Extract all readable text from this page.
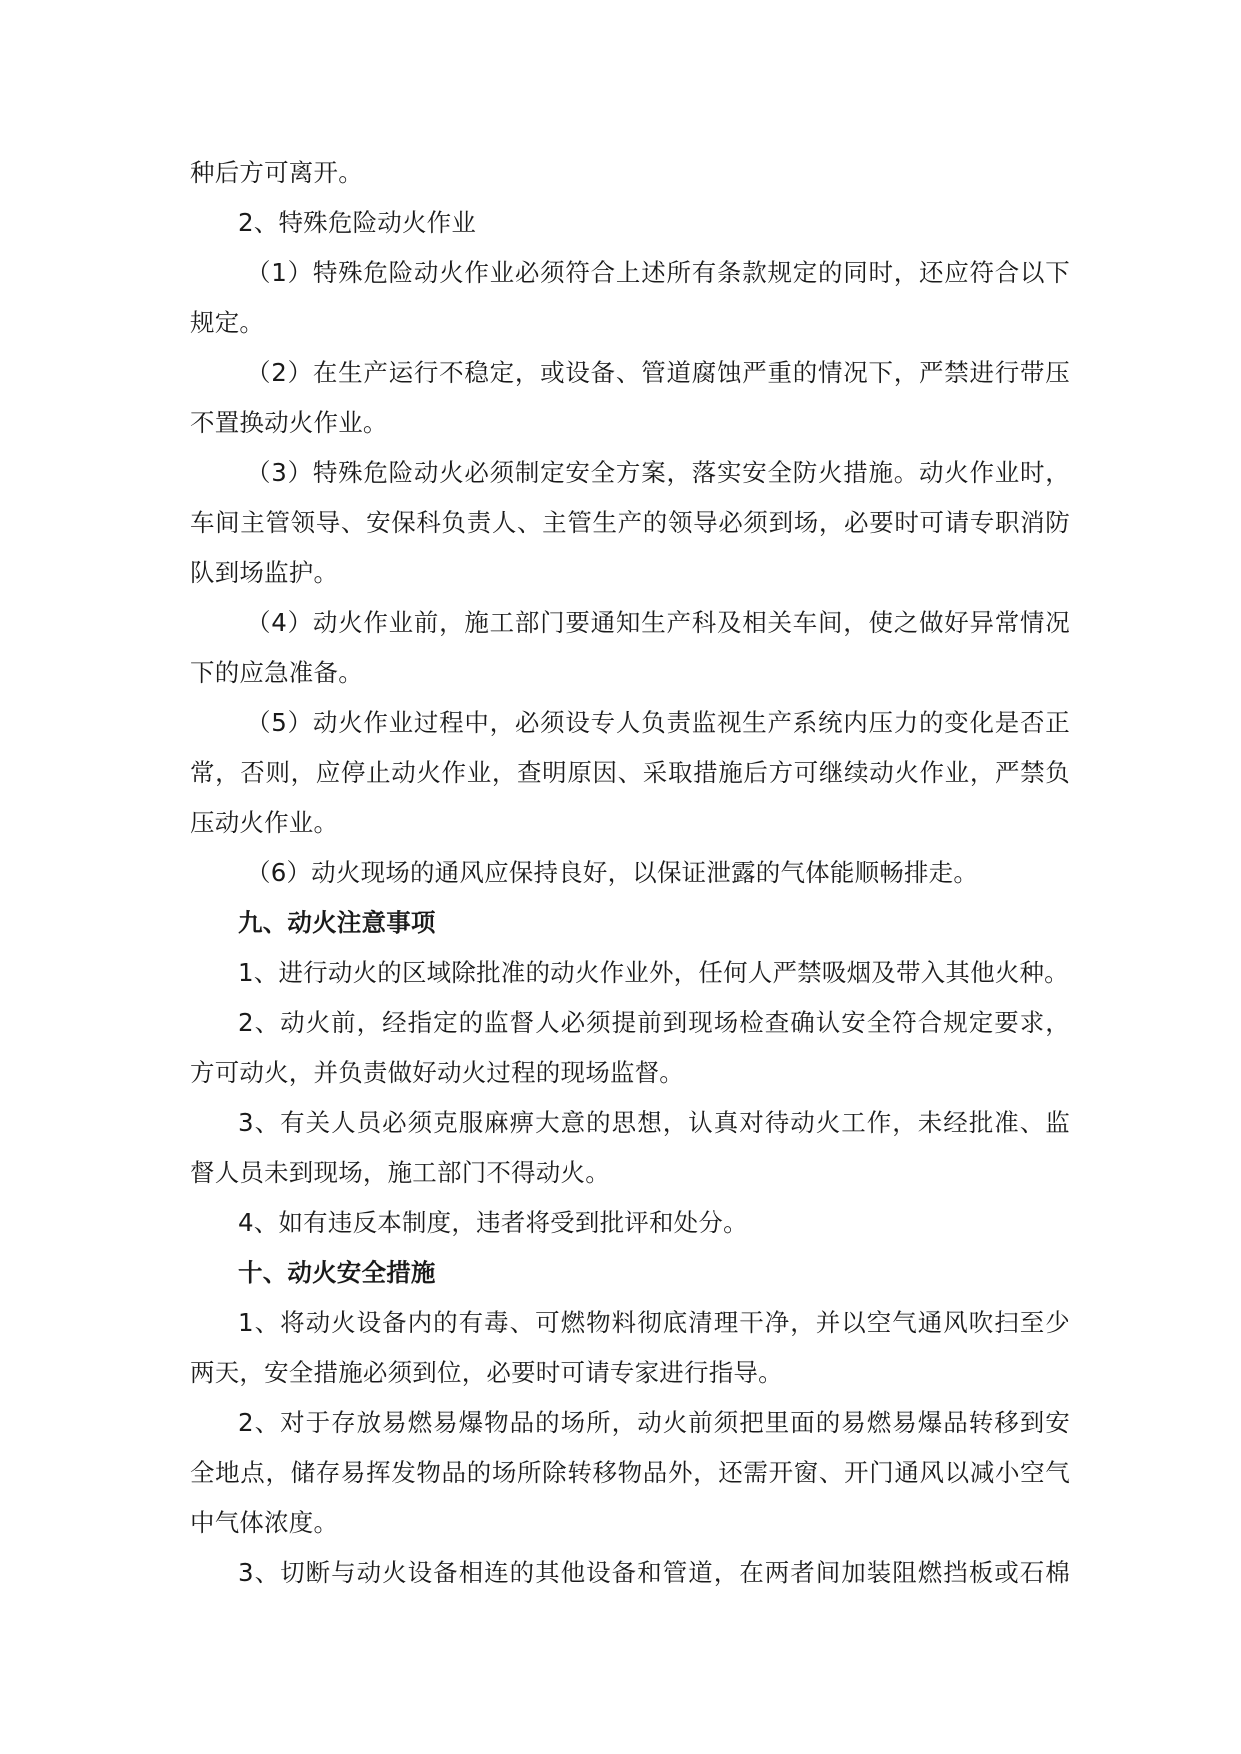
种后方可离开。
2、特殊危险动火作业
（1）特殊危险动火作业必须符合上述所有条款规定的同时，还应符合以下
规定。
（2）在生产运行不稳定，或设备、管道腐蚀严重的情况下，严禁进行带压
不置换动火作业。
（3）特殊危险动火必须制定安全方案，落实安全防火措施。动火作业时，
车间主管领导、安保科负责人、主管生产的领导必须到场，必要时可请专职消防
队到场监护。
（4）动火作业前，施工部门要通知生产科及相关车间，使之做好异常情况
下的应急准备。
（5）动火作业过程中，必须设专人负责监视生产系统内压力的变化是否正
常，否则，应停止动火作业，查明原因、采取措施后方可继续动火作业，严禁负
压动火作业。
（6）动火现场的通风应保持良好，以保证泄露的气体能顺畅排走。
九、动火注意事项
1、进行动火的区域除批准的动火作业外，任何人严禁吸烟及带入其他火种。
2、动火前，经指定的监督人必须提前到现场检查确认安全符合规定要求，
方可动火，并负责做好动火过程的现场监督。
3、有关人员必须克服麻痹大意的思想，认真对待动火工作，未经批准、监
督人员未到现场，施工部门不得动火。
4、如有违反本制度，违者将受到批评和处分。
十、动火安全措施
1、将动火设备内的有毒、可燃物料彻底清理干净，并以空气通风吹扫至少
两天，安全措施必须到位，必要时可请专家进行指导。
2、对于存放易燃易爆物品的场所，动火前须把里面的易燃易爆品转移到安
全地点，储存易挥发物品的场所除转移物品外，还需开窗、开门通风以减小空气
中气体浓度。
3、切断与动火设备相连的其他设备和管道，在两者间加装阻燃挡板或石棉
